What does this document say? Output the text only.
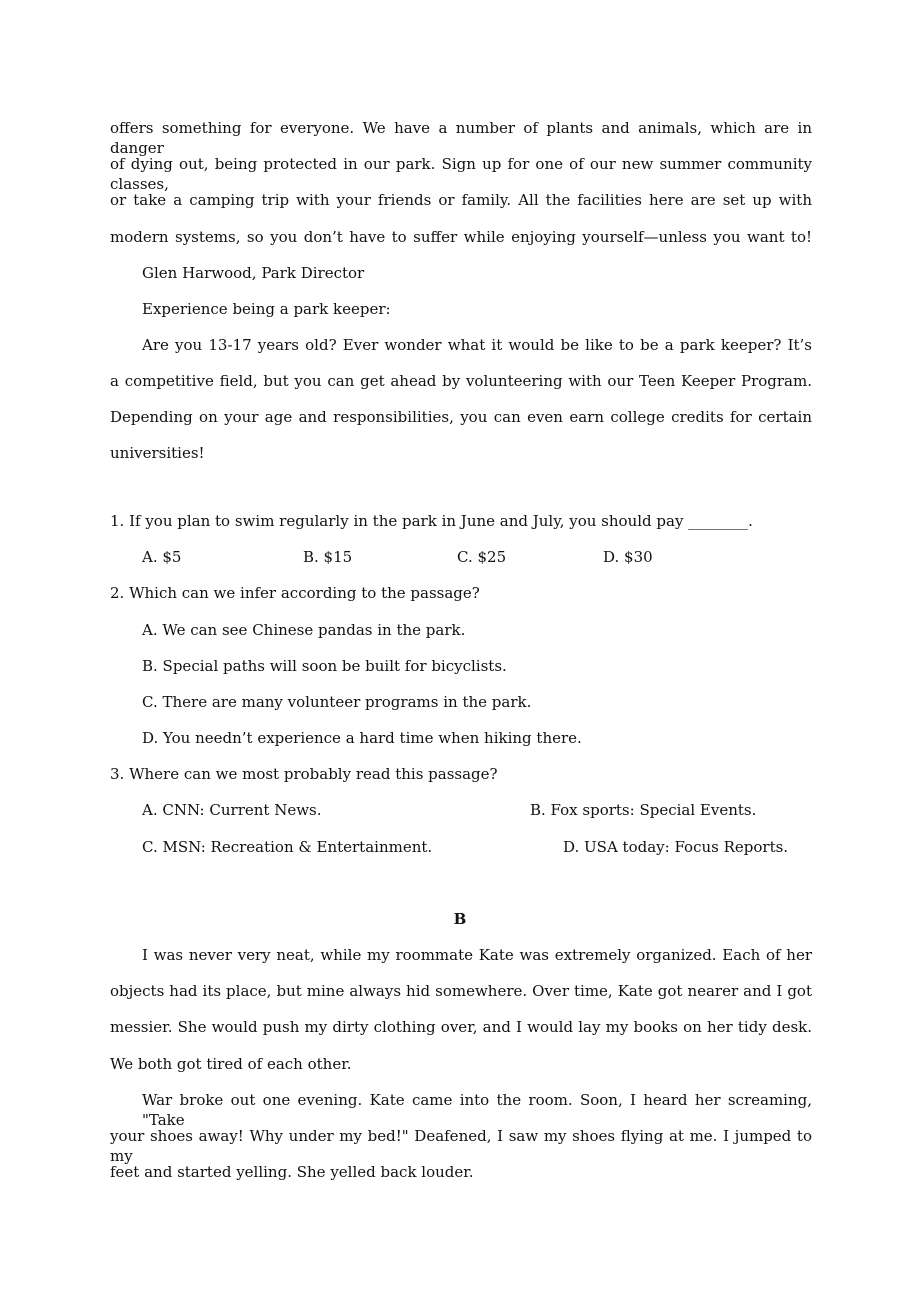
offers something for everyone. We have a number of plants and animals, which are in danger
of dying out, being protected in our park. Sign up for one of our new summer community classes,
or take a camping trip with your friends or family. All the facilities here are set up with
modern systems, so you don’t have to suffer while enjoying yourself—unless you want to!
Glen Harwood, Park Director
Experience being a park keeper:
Are you 13-17 years old? Ever wonder what it would be like to be a park keeper? It’s
a competitive field, but you can get ahead by volunteering with our Teen Keeper Program.
Depending on your age and responsibilities, you can even earn college credits for certain
universities!
1. If you plan to swim regularly in the park in June and July, you should pay ________.
A. $5	B. $15	C. $25	D. $30
2. Which can we infer according to the passage?
A. We can see Chinese pandas in the park.
B. Special paths will soon be built for bicyclists.
C. There are many volunteer programs in the park.
D. You needn’t experience a hard time when hiking there.
3. Where can we most probably read this passage?
A. CNN: Current News.	B. Fox sports: Special Events.
C. MSN: Recreation & Entertainment.	D. USA today: Focus Reports.
B
I was never very neat, while my roommate Kate was extremely organized. Each of her
objects had its place, but mine always hid somewhere. Over time, Kate got nearer and I got
messier. She would push my dirty clothing over, and I would lay my books on her tidy desk.
We both got tired of each other.
War broke out one evening. Kate came into the room. Soon, I heard her screaming, "Take
your shoes away! Why under my bed!" Deafened, I saw my shoes flying at me. I jumped to my
feet and started yelling. She yelled back louder.
